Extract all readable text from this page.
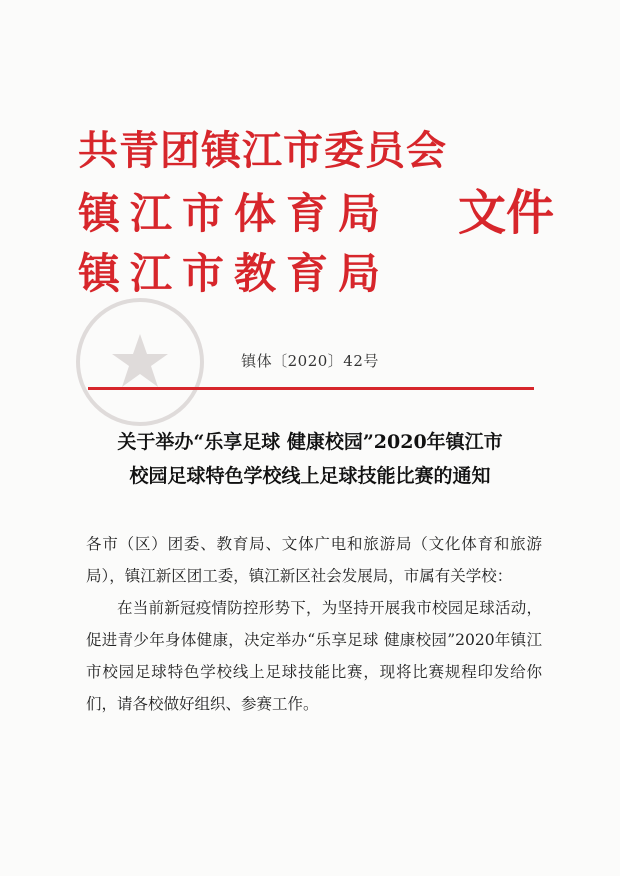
共青团镇江市委员会
镇江市体育局
镇江市教育局
文件
镇体〔2020〕42号
关于举办“乐享足球 健康校园”2020年镇江市
校园足球特色学校线上足球技能比赛的通知

各市（区）团委、教育局、文体广电和旅游局（文化体育和旅游局），镇江新区团工委，镇江新区社会发展局，市属有关学校：

在当前新冠疫情防控形势下，为坚持开展我市校园足球活动，促进青少年身体健康，决定举办“乐享足球 健康校园”2020年镇江市校园足球特色学校线上足球技能比赛，现将比赛规程印发给你们，请各校做好组织、参赛工作。
